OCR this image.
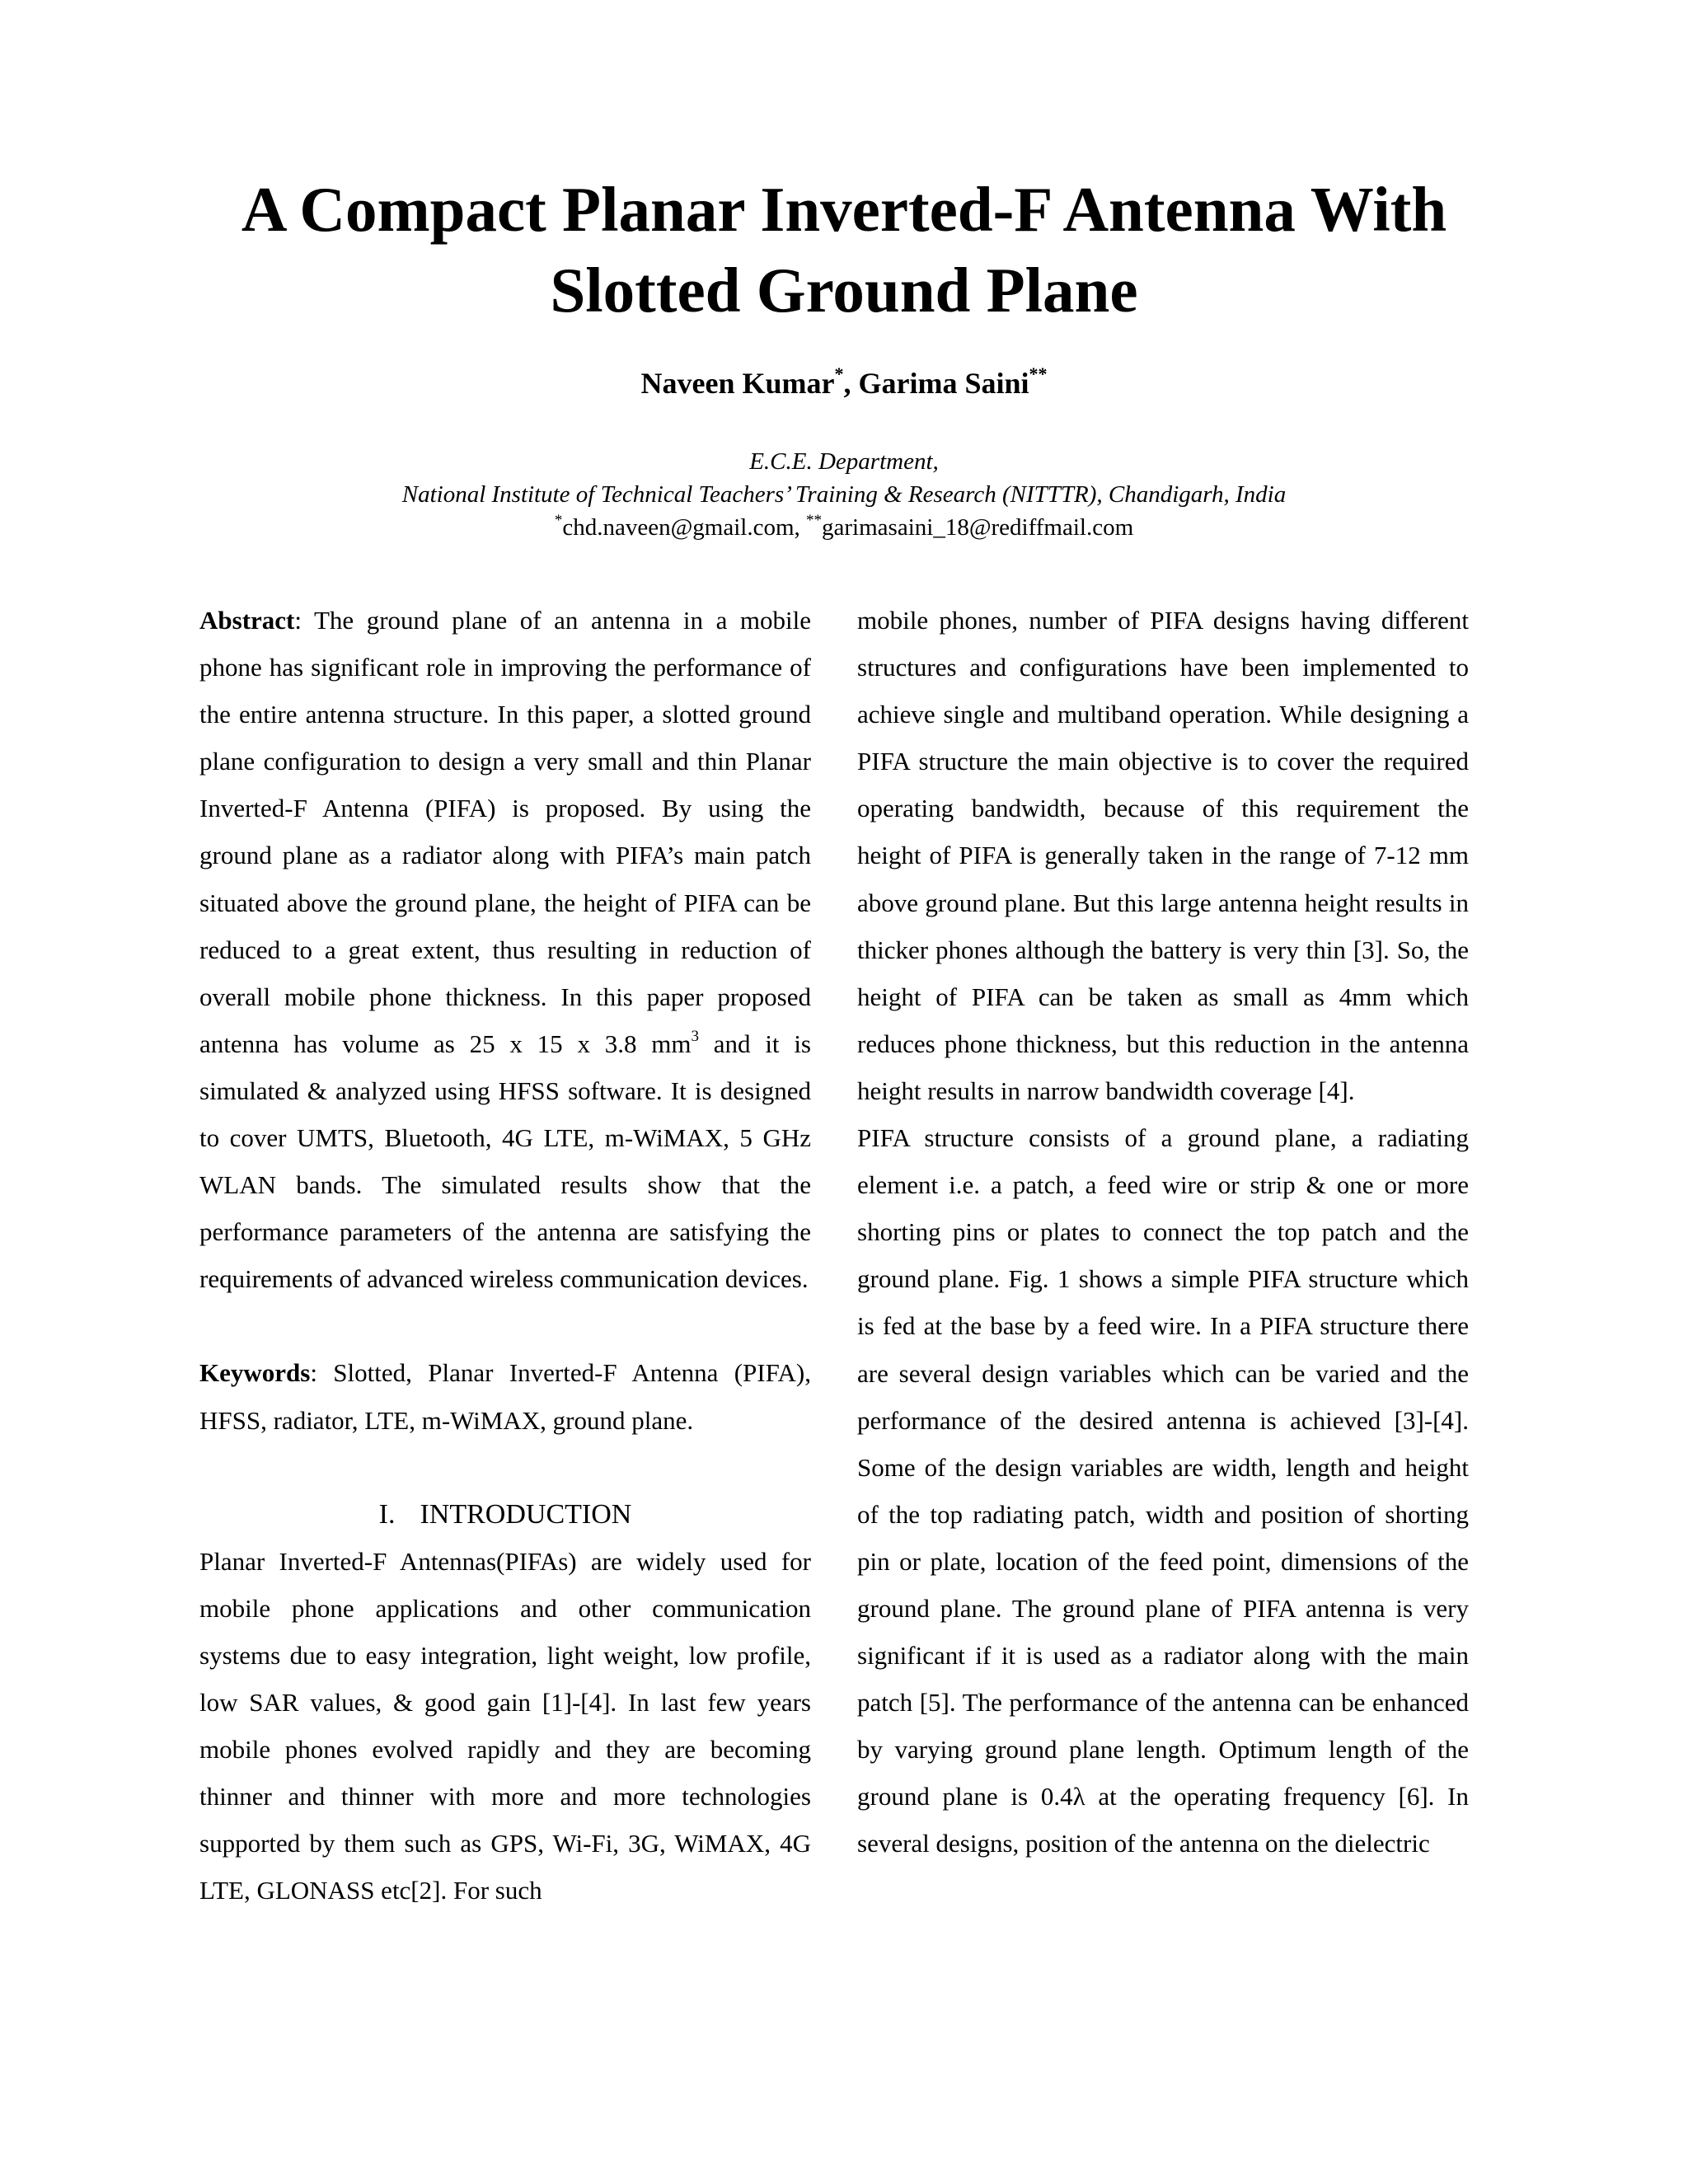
A Compact Planar Inverted-F Antenna With
Slotted Ground Plane
Naveen Kumar*, Garima Saini**
E.C.E. Department,
National Institute of Technical Teachers’ Training & Research (NITTTR), Chandigarh, India
*chd.naveen@gmail.com, **garimasaini_18@rediffmail.com

Abstract: The ground plane of an antenna in a mobile phone has significant role in improving the performance of the entire antenna structure. In this paper, a slotted ground plane configuration to design a very small and thin Planar Inverted-F Antenna (PIFA) is proposed. By using the ground plane as a radiator along with PIFA’s main patch situated above the ground plane, the height of PIFA can be reduced to a great extent, thus resulting in reduction of overall mobile phone thickness. In this paper proposed antenna has volume as 25 x 15 x 3.8 $mm^3$ and it is simulated & analyzed using HFSS software. It is designed to cover UMTS, Bluetooth, 4G LTE, m-WiMAX, 5 GHz WLAN bands. The simulated results show that the performance parameters of the antenna are satisfying the requirements of advanced wireless communication devices.

Keywords: Slotted, Planar Inverted-F Antenna (PIFA), HFSS, radiator, LTE, m-WiMAX, ground plane.

I. INTRODUCTION

Planar Inverted-F Antennas(PIFAs) are widely used for mobile phone applications and other communication systems due to easy integration, light weight, low profile, low SAR values, & good gain [1]-[4]. In last few years mobile phones evolved rapidly and they are becoming thinner and thinner with more and more technologies supported by them such as GPS, Wi-Fi, 3G, WiMAX, 4G LTE, GLONASS etc[2]. For such

mobile phones, number of PIFA designs having different structures and configurations have been implemented to achieve single and multiband operation. While designing a PIFA structure the main objective is to cover the required operating bandwidth, because of this requirement the height of PIFA is generally taken in the range of 7-12 mm above ground plane. But this large antenna height results in thicker phones although the battery is very thin [3]. So, the height of PIFA can be taken as small as 4mm which reduces phone thickness, but this reduction in the antenna height results in narrow bandwidth coverage [4].

PIFA structure consists of a ground plane, a radiating element i.e. a patch, a feed wire or strip & one or more shorting pins or plates to connect the top patch and the ground plane. Fig. 1 shows a simple PIFA structure which is fed at the base by a feed wire. In a PIFA structure there are several design variables which can be varied and the performance of the desired antenna is achieved [3]-[4]. Some of the design variables are width, length and height of the top radiating patch, width and position of shorting pin or plate, location of the feed point, dimensions of the ground plane. The ground plane of PIFA antenna is very significant if it is used as a radiator along with the main patch [5]. The performance of the antenna can be enhanced by varying ground plane length. Optimum length of the ground plane is 0.4λ at the operating frequency [6]. In several designs, position of the antenna on the dielectric
